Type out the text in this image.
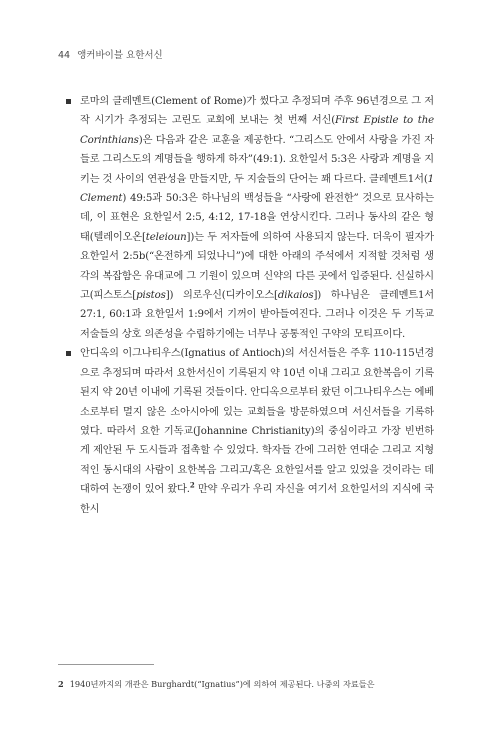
44 앵커바이블 요한서신

로마의 클레멘트(Clement of Rome)가 썼다고 추정되며 주후 96년경으로 그 저작 시기가 추정되는 고린도 교회에 보내는 첫 번째 서신(First Epistle to the Corinthians)은 다음과 같은 교훈을 제공한다. “그리스도 안에서 사랑을 가진 자들로 그리스도의 계명들을 행하게 하자”(49:1). 요한일서 5:3은 사랑과 계명을 지키는 것 사이의 연관성을 만들지만, 두 지술들의 단어는 꽤 다르다. 클레멘트1서(1 Clement) 49:5과 50:3은 하나님의 백성들을 “사랑에 완전한” 것으로 묘사하는데, 이 표현은 요한일서 2:5, 4:12, 17-18을 연상시킨다. 그러나 동사의 같은 형태(텔레이오온[teleioun])는 두 저자들에 의하여 사용되지 않는다. 더욱이 필자가 요한일서 2:5b(“온전하게 되었나니”)에 대한 아래의 주석에서 지적할 것처럼 생각의 복잡함은 유대교에 그 기원이 있으며 신약의 다른 곳에서 입증된다. 신실하시고(피스토스[pistos]) 의로우신(디카이오스[dikaios]) 하나님은 클레멘트1서 27:1, 60:1과 요한일서 1:9에서 기꺼이 받아들여진다. 그러나 이것은 두 기독교 저술들의 상호 의존성을 수립하기에는 너무나 공통적인 구약의 모티프이다.

안디옥의 이그나티우스(Ignatius of Antioch)의 서신서들은 주후 110-115년경으로 추정되며 따라서 요한서신이 기록된지 약 10년 이내 그리고 요한복음이 기록된지 약 20년 이내에 기록된 것들이다. 안디옥으로부터 왔던 이그나티우스는 에베소로부터 멀지 않은 소아시아에 있는 교회들을 방문하였으며 서신서들을 기록하였다. 따라서 요한 기독교(Johannine Christianity)의 중심이라고 가장 빈번하게 제안된 두 도시들과 접촉할 수 있었다. 학자들 간에 그러한 연대순 그리고 지형적인 동시대의 사람이 요한복음 그리고/혹은 요한일서를 알고 있었을 것이라는 데 대하여 논쟁이 있어 왔다.$^2$ 만약 우리가 우리 자신을 여기서 요한일서의 지식에 국한시

2 1940년까지의 개관은 Burghardt(“Ignatius”)에 의하여 제공된다. 나중의 자료들은
